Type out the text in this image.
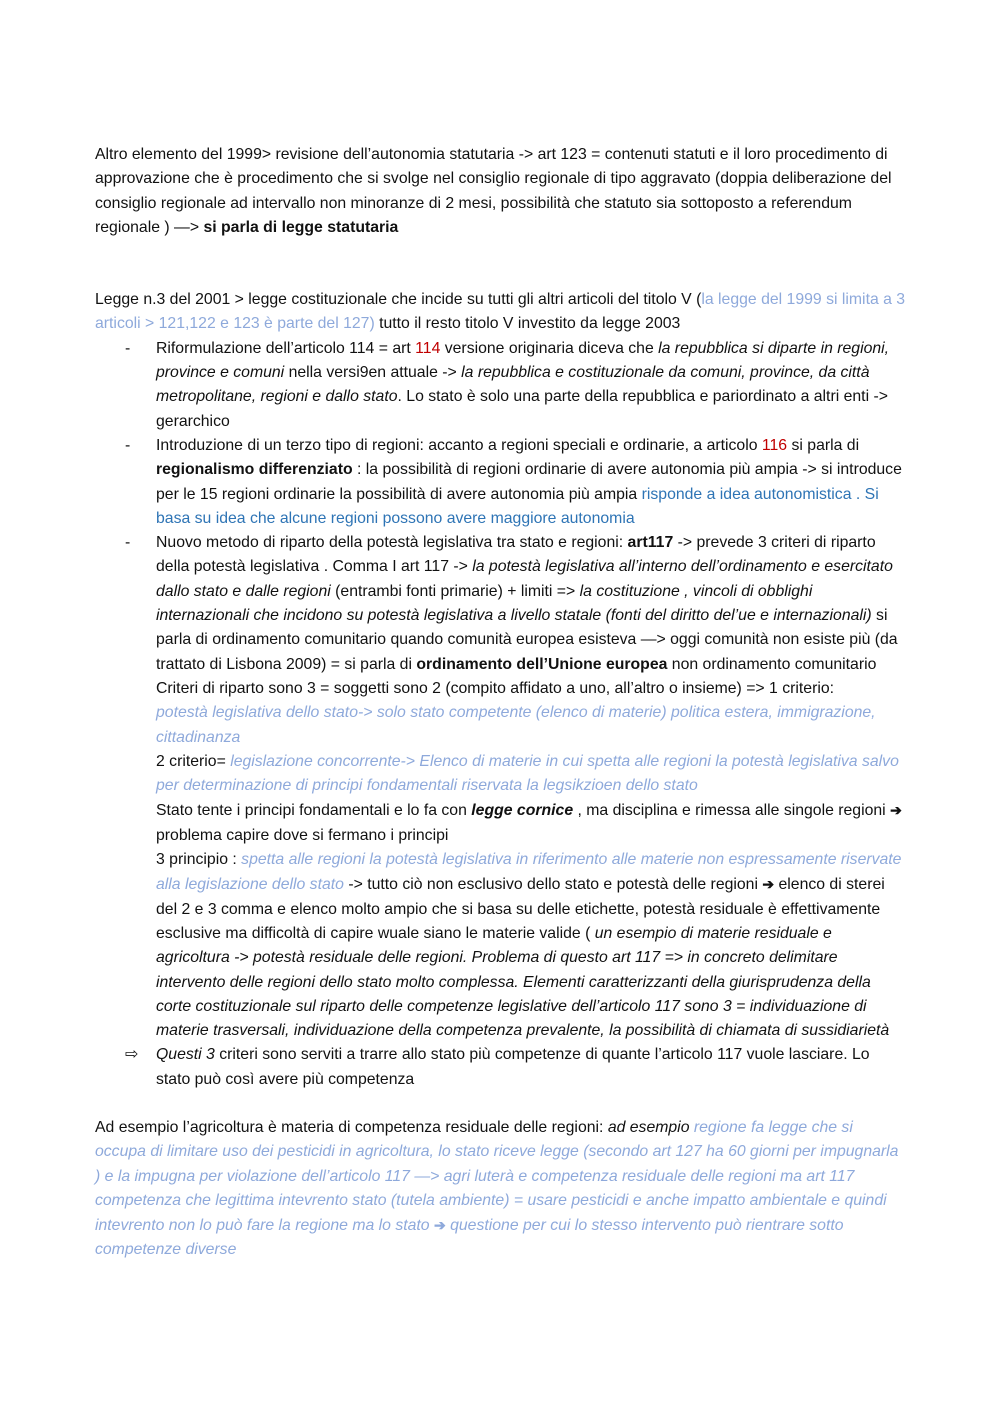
Altro elemento del 1999> revisione dell’autonomia statutaria -> art 123 = contenuti statuti e il loro procedimento di approvazione che è procedimento che si svolge nel consiglio regionale di tipo aggravato (doppia deliberazione del consiglio regionale ad intervallo non minoranze di 2 mesi, possibilità che statuto sia sottoposto a referendum regionale ) —> si parla di legge statutaria

Legge n.3 del 2001 > legge costituzionale che incide su tutti gli altri articoli del titolo V (la legge del 1999 si limita a 3 articoli > 121,122 e 123 è parte del 127) tutto il resto titolo V investito da legge 2003

- Riformulazione dell’articolo 114 = art 114 versione originaria diceva che la repubblica si diparte in regioni, province e comuni nella versi9en attuale -> la repubblica e costituzionale da comuni, province, da città metropolitane, regioni e dallo stato. Lo stato è solo una parte della repubblica e pariordinato a altri enti -> gerarchico
- Introduzione di un terzo tipo di regioni: accanto a regioni speciali e ordinarie, a articolo 116 si parla di regionalismo differenziato : la possibilità di regioni ordinarie di avere autonomia più ampia -> si introduce per le 15 regioni ordinarie la possibilità di avere autonomia più ampia risponde a idea autonomistica . Si basa su idea che alcune regioni possono avere maggiore autonomia
- Nuovo metodo di riparto della potestà legislativa tra stato e regioni: art117 -> prevede 3 criteri di riparto della potestà legislativa . Comma I art 117 -> la potestà legislativa all’interno dell’ordinamento e esercitato dallo stato e dalle regioni (entrambi fonti primarie) + limiti => la costituzione , vincoli di obblighi internazionali che incidono su potestà legislativa a livello statale (fonti del diritto del’ue e internazionali) si parla di ordinamento comunitario quando comunità europea esisteva —> oggi comunità non esiste più (da trattato di Lisbona 2009) = si parla di ordinamento dell’Unione europea non ordinamento comunitario
Criteri di riparto sono 3 = soggetti sono 2 (compito affidato a uno, all’altro o insieme) => 1 criterio:
potestà legislativa dello stato-> solo stato competente (elenco di materie) politica estera, immigrazione, cittadinanza
2 criterio= legislazione concorrente-> Elenco di materie in cui spetta alle regioni la potestà legislativa salvo per determinazione di principi fondamentali riservata la legsikzioen dello stato
Stato tente i principi fondamentali e lo fa con legge cornice , ma disciplina e rimessa alle singole regioni ➔ problema capire dove si fermano i principi
3 principio : spetta alle regioni la potestà legislativa in riferimento alle materie non espressamente riservate alla legislazione dello stato -> tutto ciò non esclusivo dello stato e potestà delle regioni ➔ elenco di sterei del 2 e 3 comma e elenco molto ampio che si basa su delle etichette, potestà residuale è effettivamente esclusive ma difficoltà di capire wuale siano le materie valide ( un esempio di materie residuale e agricoltura -> potestà residuale delle regioni. Problema di questo art 117 => in concreto delimitare intervento delle regioni dello stato molto complessa. Elementi caratterizzanti della giurisprudenza della corte costituzionale sul riparto delle competenze legislative dell’articolo 117 sono 3 = individuazione di materie trasversali, individuazione della competenza prevalente, la possibilità di chiamata di sussidiarietà
⇨ Questi 3 criteri sono serviti a trarre allo stato più competenze di quante l’articolo 117 vuole lasciare. Lo stato può così avere più competenza

Ad esempio l’agricoltura è materia di competenza residuale delle regioni: ad esempio regione fa legge che si occupa di limitare uso dei pesticidi in agricoltura, lo stato riceve legge (secondo art 127 ha 60 giorni per impugnarla ) e la impugna per violazione dell’articolo 117 —> agri luterà e competenza residuale delle regioni ma art 117 competenza che legittima intevrento stato (tutela ambiente) = usare pesticidi e anche impatto ambientale e quindi intevrento non lo può fare la regione ma lo stato ➔ questione per cui lo stesso intervento può rientrare sotto competenze diverse
